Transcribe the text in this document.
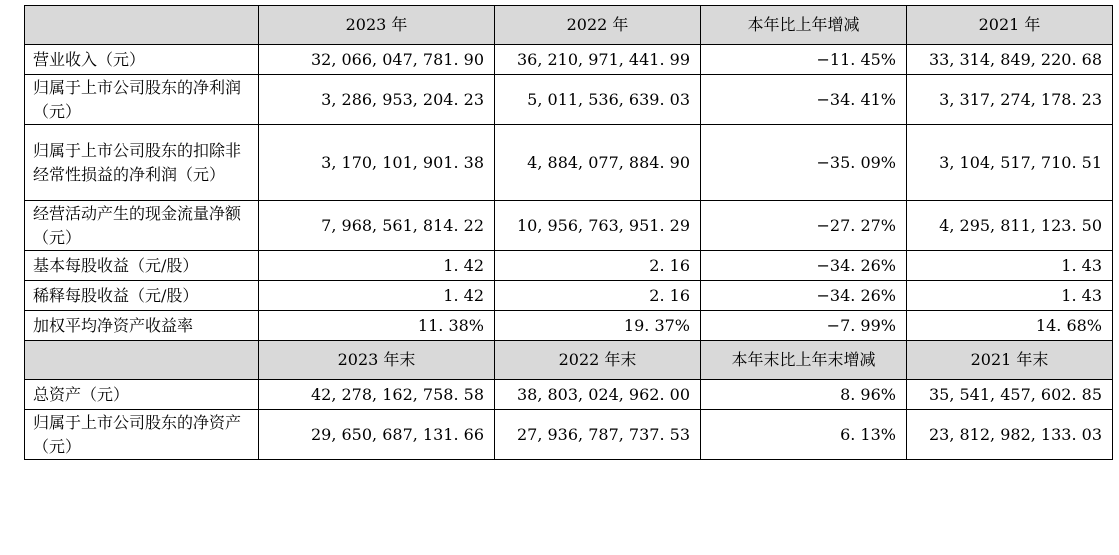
	2023 年	2022 年	本年比上年增减	2021 年
营业收入（元）	32, 066, 047, 781. 90	36, 210, 971, 441. 99	−11. 45%	33, 314, 849, 220. 68
归属于上市公司股东的净利润（元）	3, 286, 953, 204. 23	5, 011, 536, 639. 03	−34. 41%	3, 317, 274, 178. 23
归属于上市公司股东的扣除非经常性损益的净利润（元）	3, 170, 101, 901. 38	4, 884, 077, 884. 90	−35. 09%	3, 104, 517, 710. 51
经营活动产生的现金流量净额（元）	7, 968, 561, 814. 22	10, 956, 763, 951. 29	−27. 27%	4, 295, 811, 123. 50
基本每股收益（元/股）	1. 42	2. 16	−34. 26%	1. 43
稀释每股收益（元/股）	1. 42	2. 16	−34. 26%	1. 43
加权平均净资产收益率	11. 38%	19. 37%	−7. 99%	14. 68%
	2023 年末	2022 年末	本年末比上年末增减	2021 年末
总资产（元）	42, 278, 162, 758. 58	38, 803, 024, 962. 00	8. 96%	35, 541, 457, 602. 85
归属于上市公司股东的净资产（元）	29, 650, 687, 131. 66	27, 936, 787, 737. 53	6. 13%	23, 812, 982, 133. 03
